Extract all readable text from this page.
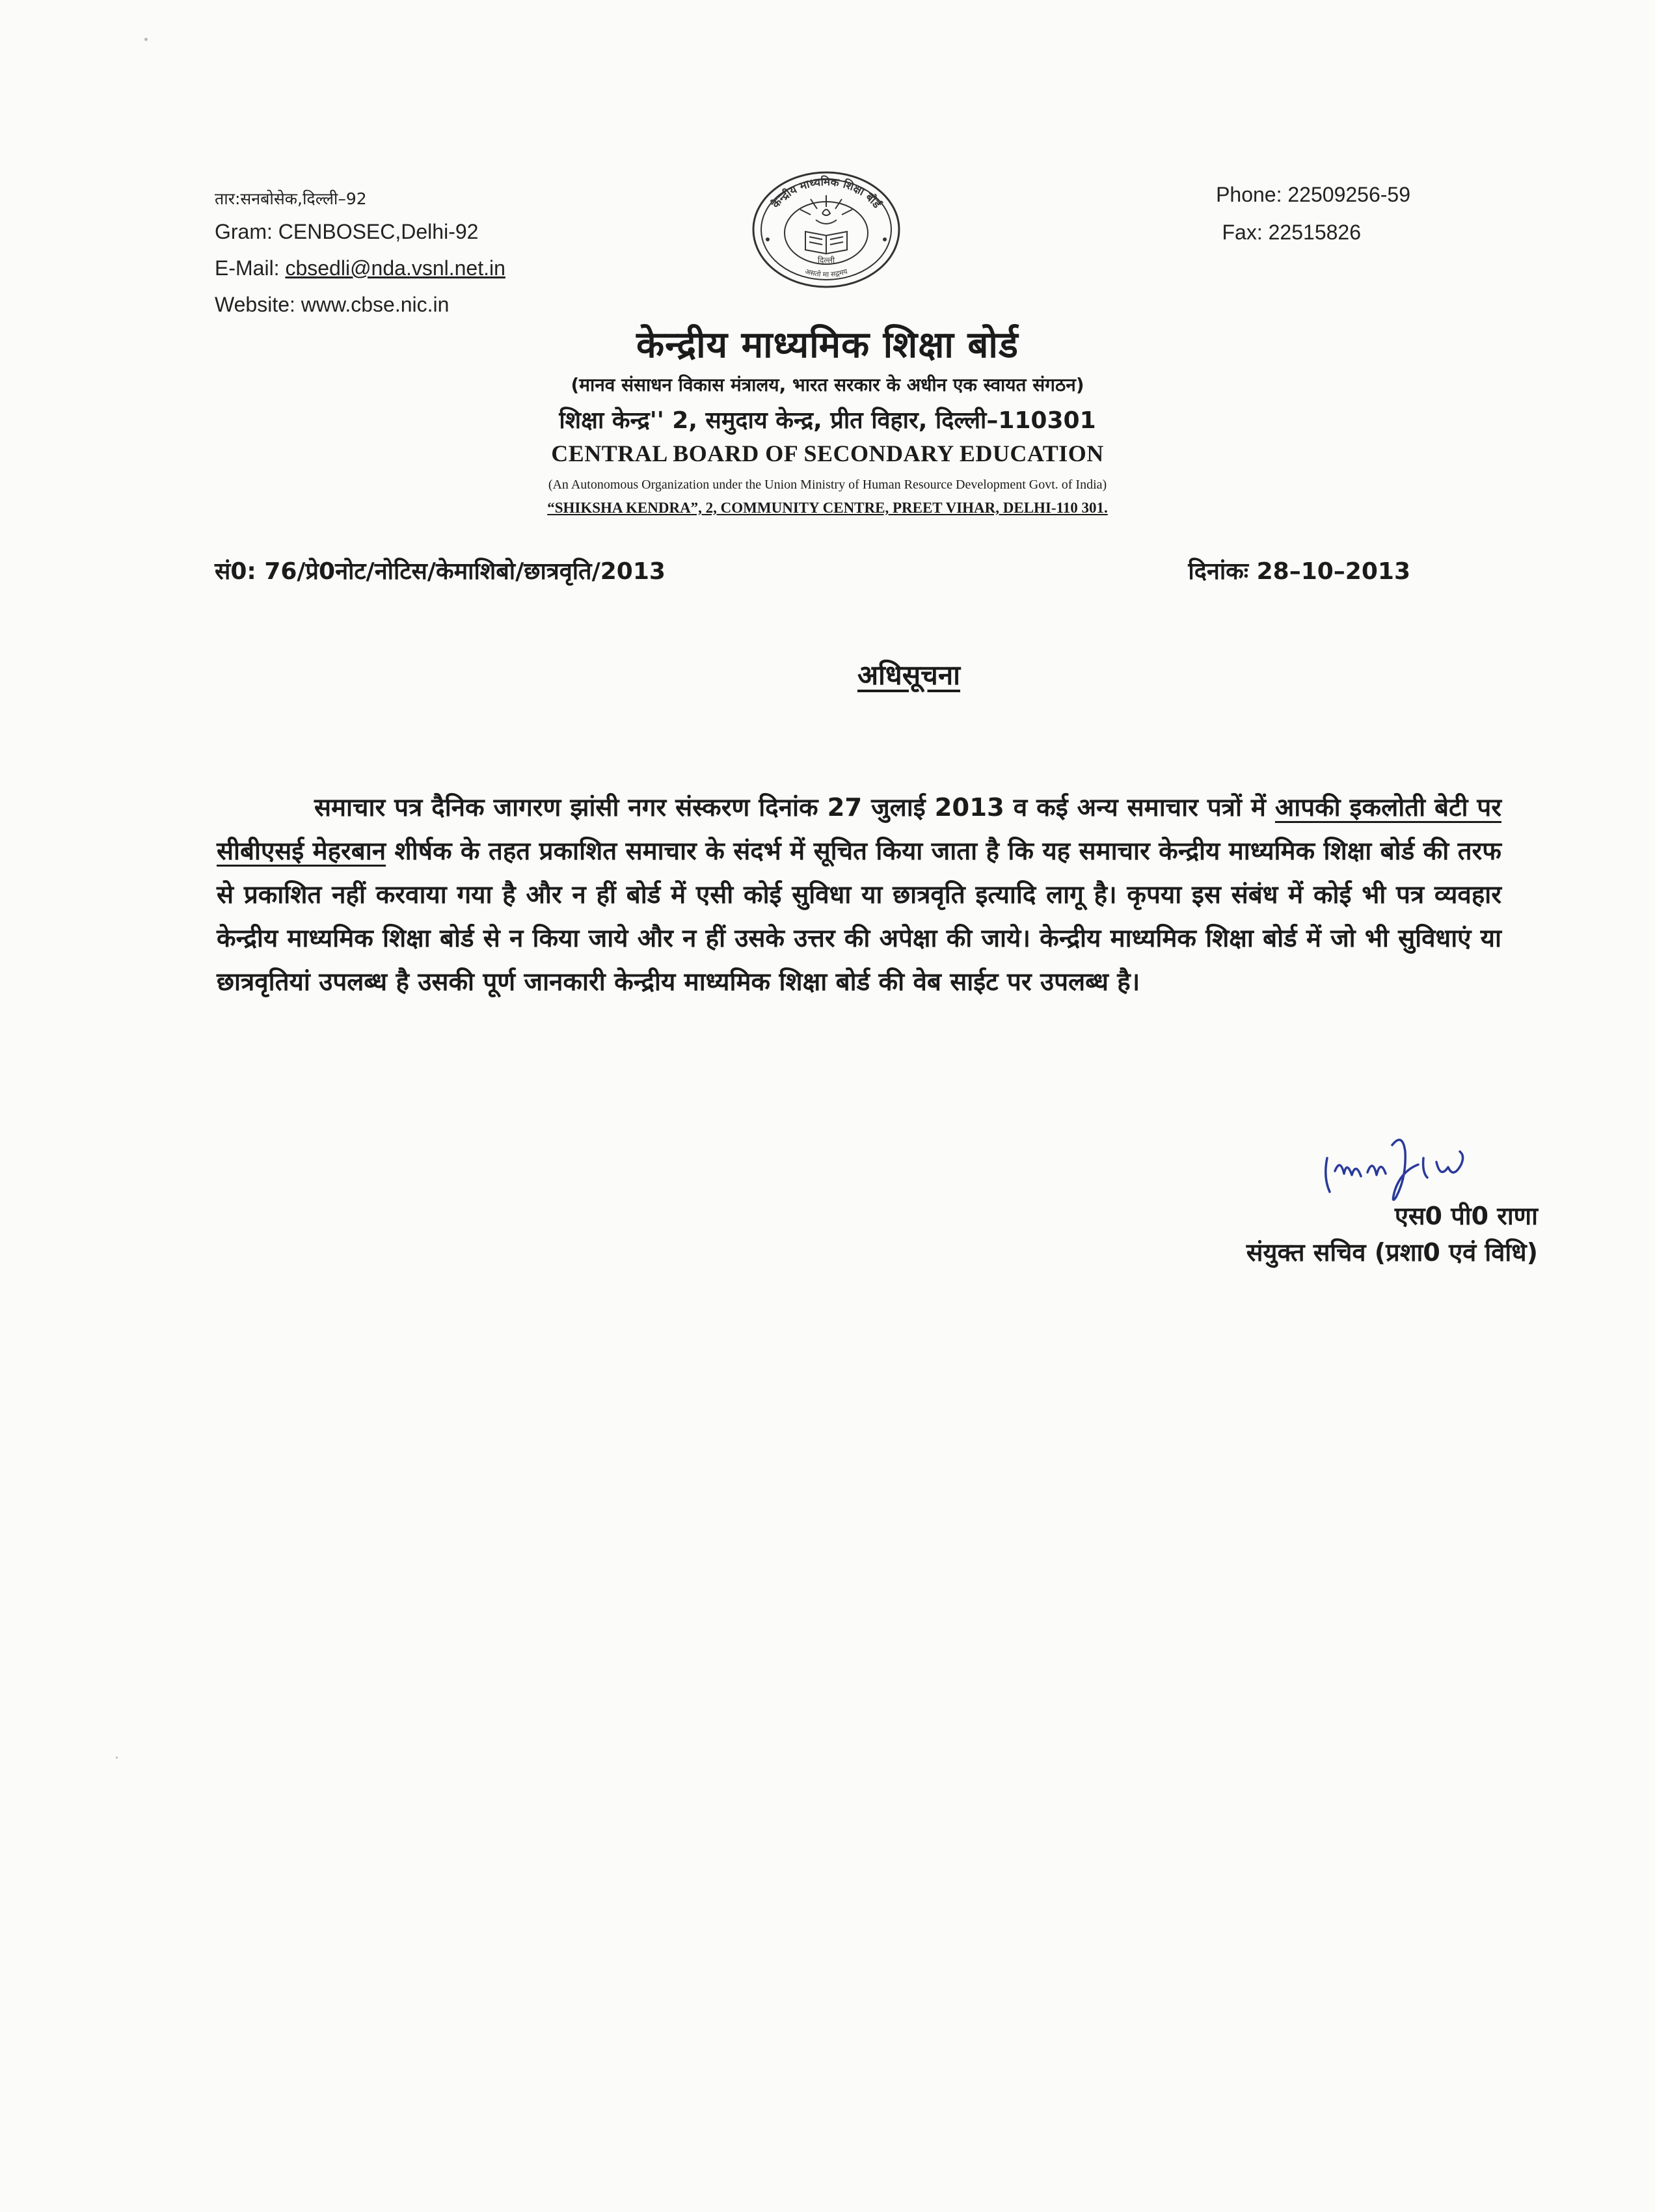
तार:सनबोसेक,दिल्ली–92
Gram: CENBOSEC,Delhi-92
E-Mail: cbsedli@nda.vsnl.net.in
Website: www.cbse.nic.in
Phone: 22509256-59
Fax: 22515826
केन्द्रीय माध्यमिक शिक्षा बोर्ड
असतो मा सद्गमय
दिल्ली
केन्द्रीय माध्यमिक शिक्षा बोर्ड
(मानव संसाधन विकास मंत्रालय, भारत सरकार के अधीन एक स्वायत संगठन)
शिक्षा केन्द्र'' 2, समुदाय केन्द्र, प्रीत विहार, दिल्ली–110301
CENTRAL BOARD OF SECONDARY EDUCATION
(An Autonomous Organization under the Union Ministry of Human Resource Development Govt. of India)
“SHIKSHA KENDRA”, 2, COMMUNITY CENTRE, PREET VIHAR, DELHI-110 301.
सं0: 76/प्रे0नोट/नोटिस/केमाशिबो/छात्रवृति/2013	दिनांकः 28–10–2013
अधिसूचना

समाचार पत्र दैनिक जागरण झांसी नगर संस्करण दिनांक 27 जुलाई 2013 व कई अन्य समाचार पत्रों में आपकी इकलोती बेटी पर सीबीएसई मेहरबान शीर्षक के तहत प्रकाशित समाचार के संदर्भ में सूचित किया जाता है कि यह समाचार केन्द्रीय माध्यमिक शिक्षा बोर्ड की तरफ से प्रकाशित नहीं करवाया गया है और न हीं बोर्ड में एसी कोई सुविधा या छात्रवृति इत्यादि लागू है। कृपया इस संबंध में कोई भी पत्र व्यवहार केन्द्रीय माध्यमिक शिक्षा बोर्ड से न किया जाये और न हीं उसके उत्तर की अपेक्षा की जाये। केन्द्रीय माध्यमिक शिक्षा बोर्ड में जो भी सुविधाएं या छात्रवृतियां उपलब्ध है उसकी पूर्ण जानकारी केन्द्रीय माध्यमिक शिक्षा बोर्ड की वेब साईट पर उपलब्ध है।

एस0 पी0 राणा
संयुक्त सचिव (प्रशा0 एवं विधि)
